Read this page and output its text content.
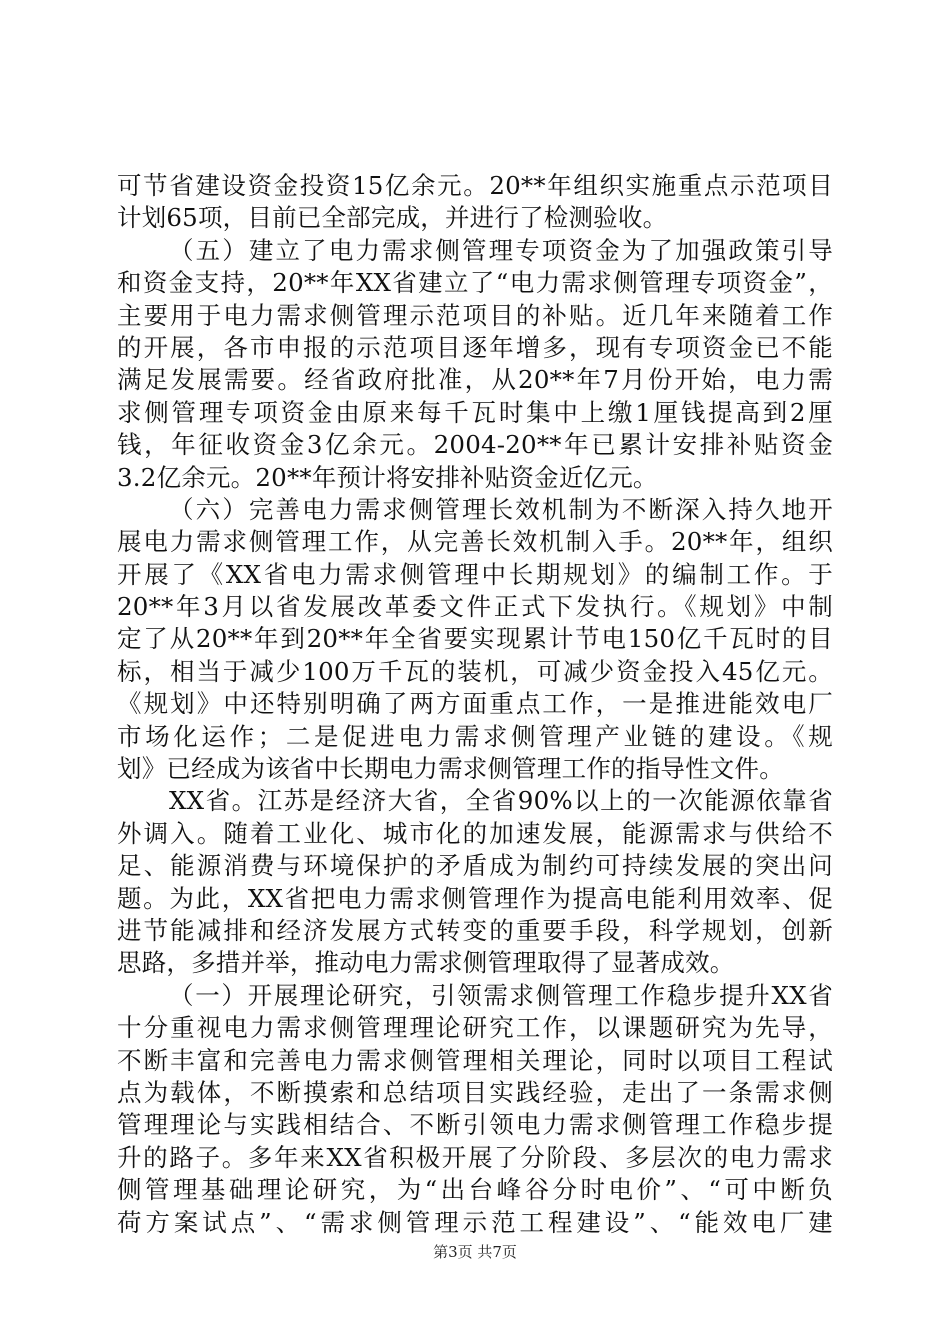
可节省建设资金投资15亿余元。20**年组织实施重点示范项目
计划65项，目前已全部完成，并进行了检测验收。
（五）建立了电力需求侧管理专项资金为了加强政策引导
和资金支持，20**年XX省建立了“电力需求侧管理专项资金”，
主要用于电力需求侧管理示范项目的补贴。近几年来随着工作
的开展，各市申报的示范项目逐年增多，现有专项资金已不能
满足发展需要。经省政府批准，从20**年7月份开始，电力需
求侧管理专项资金由原来每千瓦时集中上缴1厘钱提高到2厘
钱，年征收资金3亿余元。2004-20**年已累计安排补贴资金
3.2亿余元。20**年预计将安排补贴资金近亿元。
（六）完善电力需求侧管理长效机制为不断深入持久地开
展电力需求侧管理工作，从完善长效机制入手。20**年，组织
开展了《XX省电力需求侧管理中长期规划》的编制工作。于
20**年3月以省发展改革委文件正式下发执行。《规划》中制
定了从20**年到20**年全省要实现累计节电150亿千瓦时的目
标，相当于减少100万千瓦的装机，可减少资金投入45亿元。
《规划》中还特别明确了两方面重点工作，一是推进能效电厂
市场化运作；二是促进电力需求侧管理产业链的建设。《规
划》已经成为该省中长期电力需求侧管理工作的指导性文件。
XX省。江苏是经济大省，全省90%以上的一次能源依靠省
外调入。随着工业化、城市化的加速发展，能源需求与供给不
足、能源消费与环境保护的矛盾成为制约可持续发展的突出问
题。为此，XX省把电力需求侧管理作为提高电能利用效率、促
进节能减排和经济发展方式转变的重要手段，科学规划，创新
思路，多措并举，推动电力需求侧管理取得了显著成效。
（一）开展理论研究，引领需求侧管理工作稳步提升XX省
十分重视电力需求侧管理理论研究工作，以课题研究为先导，
不断丰富和完善电力需求侧管理相关理论，同时以项目工程试
点为载体，不断摸索和总结项目实践经验，走出了一条需求侧
管理理论与实践相结合、不断引领电力需求侧管理工作稳步提
升的路子。多年来XX省积极开展了分阶段、多层次的电力需求
侧管理基础理论研究，为“出台峰谷分时电价”、“可中断负
荷方案试点”、“需求侧管理示范工程建设”、“能效电厂建
第3页 共7页
